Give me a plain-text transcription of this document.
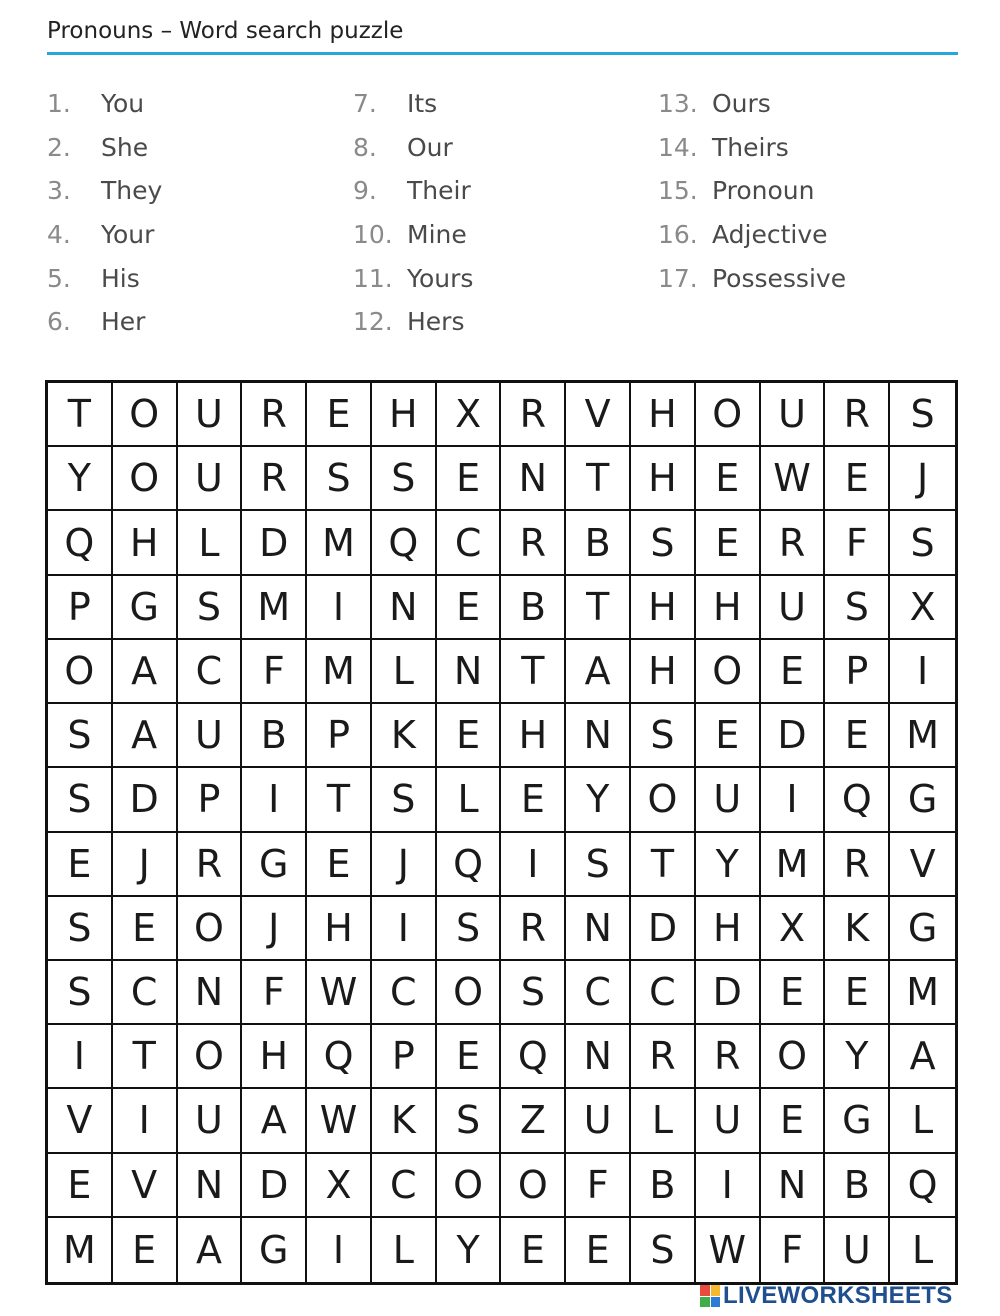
Pronouns – Word search puzzle
1.	You
2.	She
3.	They
4.	Your
5.	His
6.	Her
7.	Its
8.	Our
9.	Their
10. Mine
11. Yours
12. Hers
13. Ours
14. Theirs
15. Pronoun
16. Adjective
17. Possessive
T	O U R	E	H X	R	V H O U R	S
Y	O U R	S	S	E	N	T	H	E W E	J
Q H	L	D M Q C	R	B	S	E	R	F	S
P	G	S M	I	N	E	B	T	H H U	S	X
O A	C	F M L	N	T	A H O E	P	I
S	A U B	P	K	E	H N	S	E	D	E M
S	D	P	I	T	S	L	E	Y	O U	I	Q G
E	J	R G	E	J	Q	I	S	T	Y M R	V
S	E O	J	H	I	S	R N D H X	K	G
S	C N	F W C O S	C	C D	E	E M
I	T	O H Q	P	E Q N R	R O	Y	A
V	I	U A W K	S	Z U	L	U	E	G	L
E	V N D X	C O O	F	B	I	N B Q
M E	A G	I	L	Y	E	E	S W F	U	L
LIVEWORKSHEETS
